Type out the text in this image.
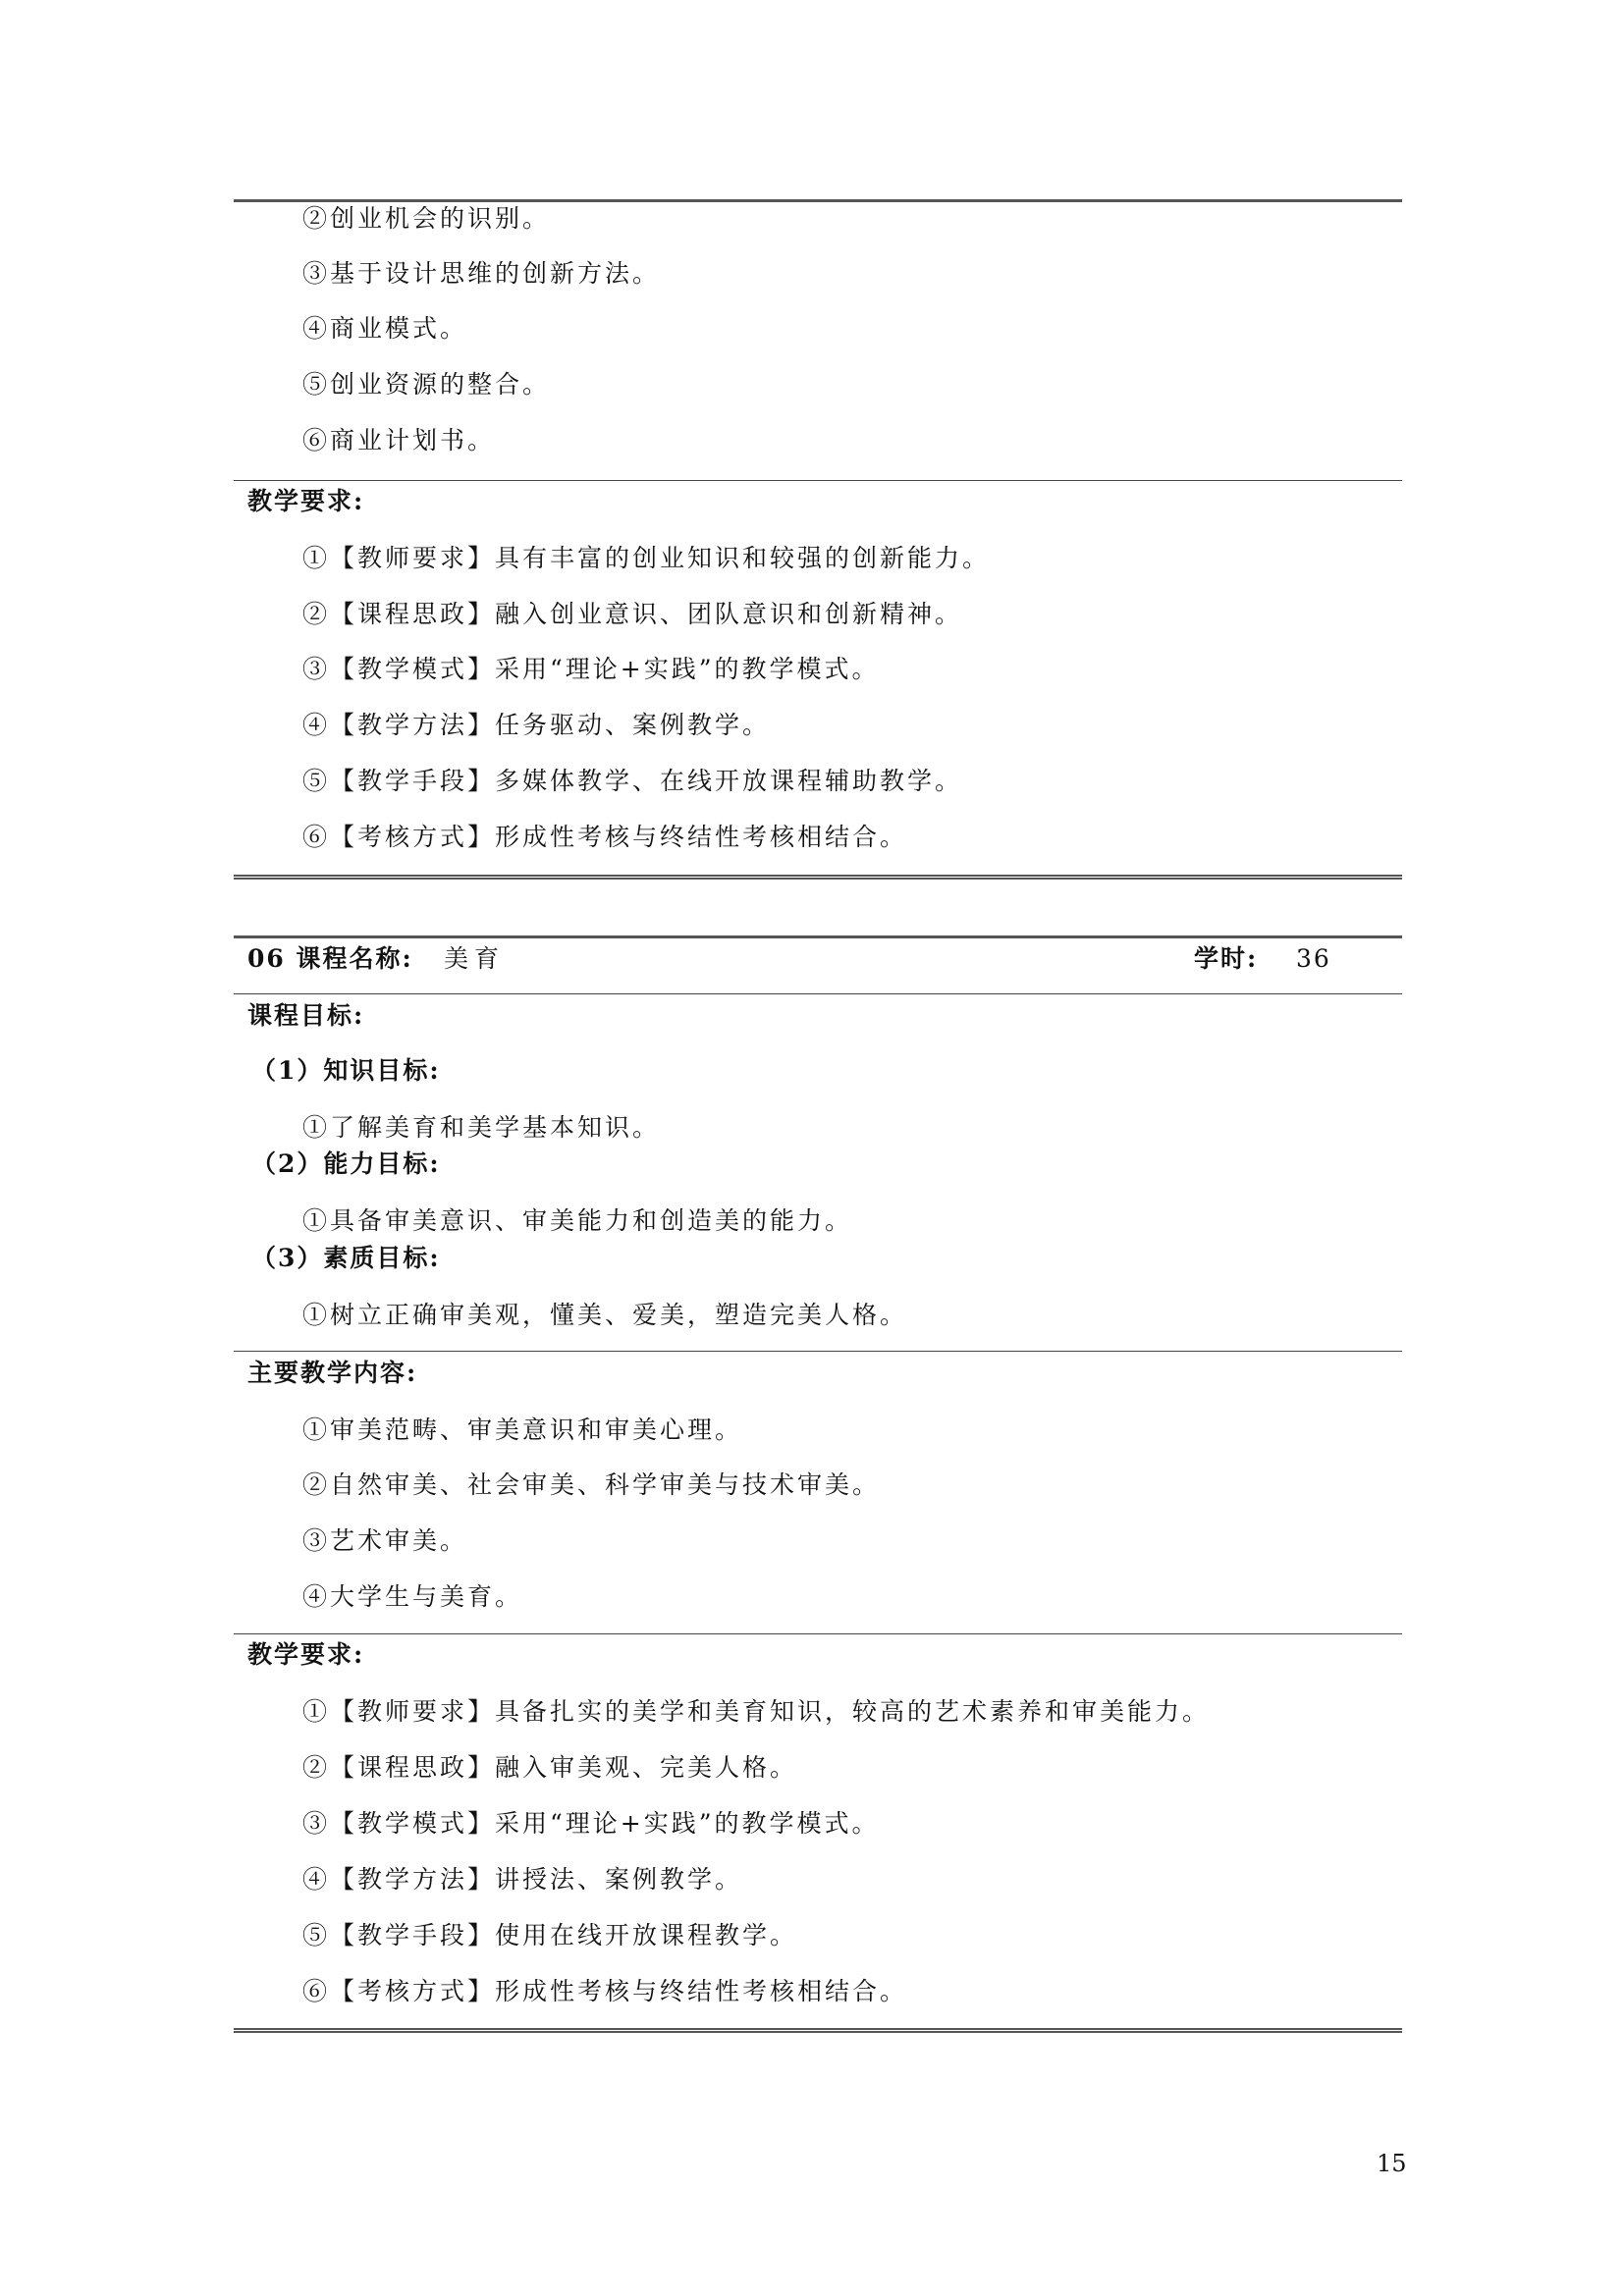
②创业机会的识别。
③基于设计思维的创新方法。
④商业模式。
⑤创业资源的整合。
⑥商业计划书。
教学要求:
①【教师要求】具有丰富的创业知识和较强的创新能力。
②【课程思政】融入创业意识、团队意识和创新精神。
③【教学模式】采用“理论+实践”的教学模式。
④【教学方法】任务驱动、案例教学。
⑤【教学手段】多媒体教学、在线开放课程辅助教学。
⑥【考核方式】形成性考核与终结性考核相结合。
06 课程名称: 美育	学时: 36
课程目标:
（1）知识目标:
①了解美育和美学基本知识。
（2）能力目标:
①具备审美意识、审美能力和创造美的能力。
（3）素质目标:
①树立正确审美观，懂美、爱美，塑造完美人格。
主要教学内容:
①审美范畴、审美意识和审美心理。
②自然审美、社会审美、科学审美与技术审美。
③艺术审美。
④大学生与美育。
教学要求:
①【教师要求】具备扎实的美学和美育知识，较高的艺术素养和审美能力。
②【课程思政】融入审美观、完美人格。
③【教学模式】采用“理论+实践”的教学模式。
④【教学方法】讲授法、案例教学。
⑤【教学手段】使用在线开放课程教学。
⑥【考核方式】形成性考核与终结性考核相结合。
15
